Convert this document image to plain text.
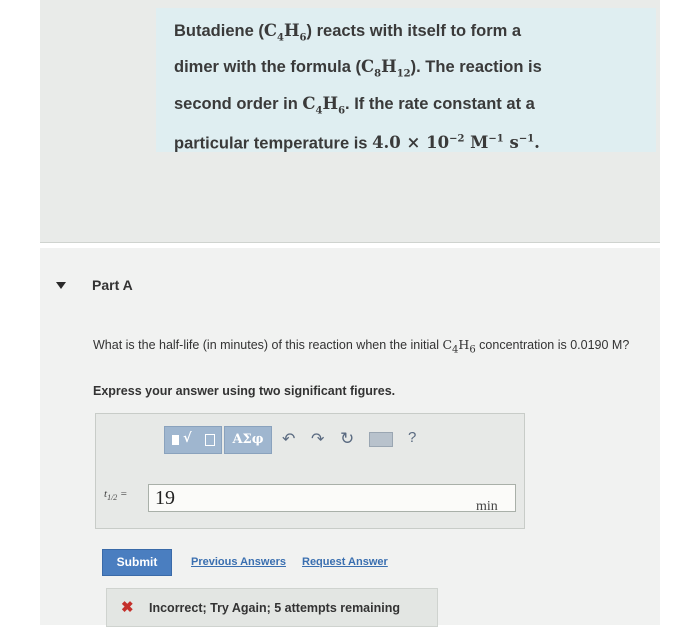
Butadiene $(C_4H_6)$ reacts with itself to form a
dimer with the formula $(C_8H_{12})$. The reaction is
second order in $C_4H_6$. If the rate constant at a
particular temperature is $4.0 \times 10^{-2}$ $M^{-1}$ $s^{-1}$.
Part A
What is the half-life (in minutes) of this reaction when the initial $C_4H_6$ concentration is 0.0190 M?
Express your answer using two significant figures.
√	ΑΣφ	↶ ↷ ↻	?
$t_{1/2}$ =	19	min
Submit	Previous Answers Request Answer
✖ Incorrect; Try Again; 5 attempts remaining
